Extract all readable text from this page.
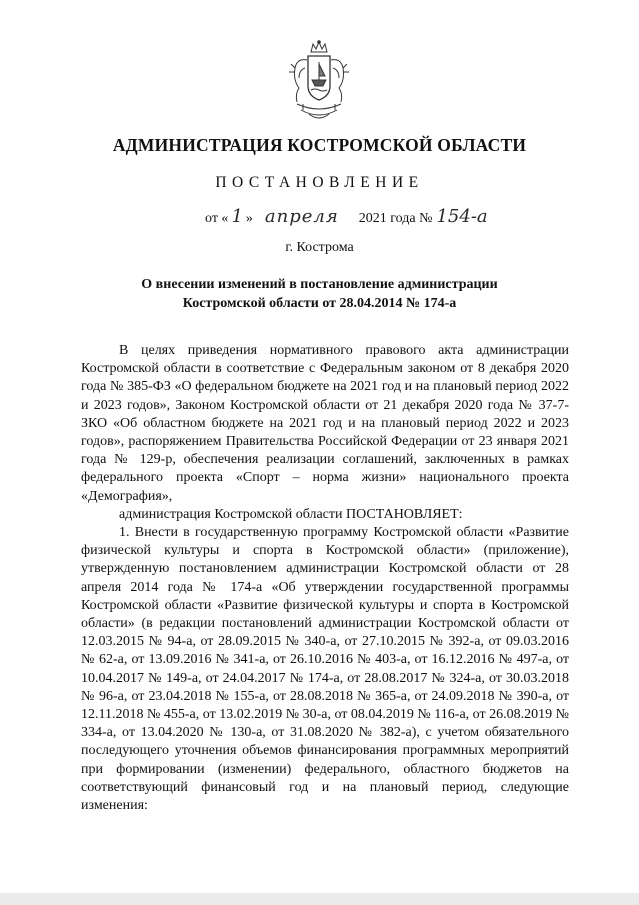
АДМИНИСТРАЦИЯ КОСТРОМСКОЙ ОБЛАСТИ
ПОСТАНОВЛЕНИЕ
от « 1 » апреля 2021 года № 154-а
г. Кострома
О внесении изменений в постановление администрации
Костромской области от 28.04.2014 № 174-а

В целях приведения нормативного правового акта администрации Костромской области в соответствие с Федеральным законом от 8 декабря 2020 года № 385-ФЗ «О федеральном бюджете на 2021 год и на плановый период 2022 и 2023 годов», Законом Костромской области от 21 декабря 2020 года № 37-7-ЗКО «Об областном бюджете на 2021 год и на плановый период 2022 и 2023 годов», распоряжением Правительства Российской Федерации от 23 января 2021 года № 129-р, обеспечения реализации соглашений, заключенных в рамках федерального проекта «Спорт – норма жизни» национального проекта «Демография»,

администрация Костромской области ПОСТАНОВЛЯЕТ:

1. Внести в государственную программу Костромской области «Развитие физической культуры и спорта в Костромской области» (приложение), утвержденную постановлением администрации Костромской области от 28 апреля 2014 года № 174-а «Об утверждении государственной программы Костромской области «Развитие физической культуры и спорта в Костромской области» (в редакции постановлений администрации Костромской области от 12.03.2015 № 94-а, от 28.09.2015 № 340-а, от 27.10.2015 № 392-а, от 09.03.2016 № 62-а, от 13.09.2016 № 341-а, от 26.10.2016 № 403-а, от 16.12.2016 № 497-а, от 10.04.2017 № 149-а, от 24.04.2017 № 174-а, от 28.08.2017 № 324-а, от 30.03.2018 № 96-а, от 23.04.2018 № 155-а, от 28.08.2018 № 365-а, от 24.09.2018 № 390-а, от 12.11.2018 № 455-а, от 13.02.2019 № 30-а, от 08.04.2019 № 116-а, от 26.08.2019 № 334-а, от 13.04.2020 № 130-а, от 31.08.2020 № 382-а), с учетом обязательного последующего уточнения объемов финансирования программных мероприятий при формировании (изменении) федерального, областного бюджетов на соответствующий финансовый год и на плановый период, следующие изменения:
